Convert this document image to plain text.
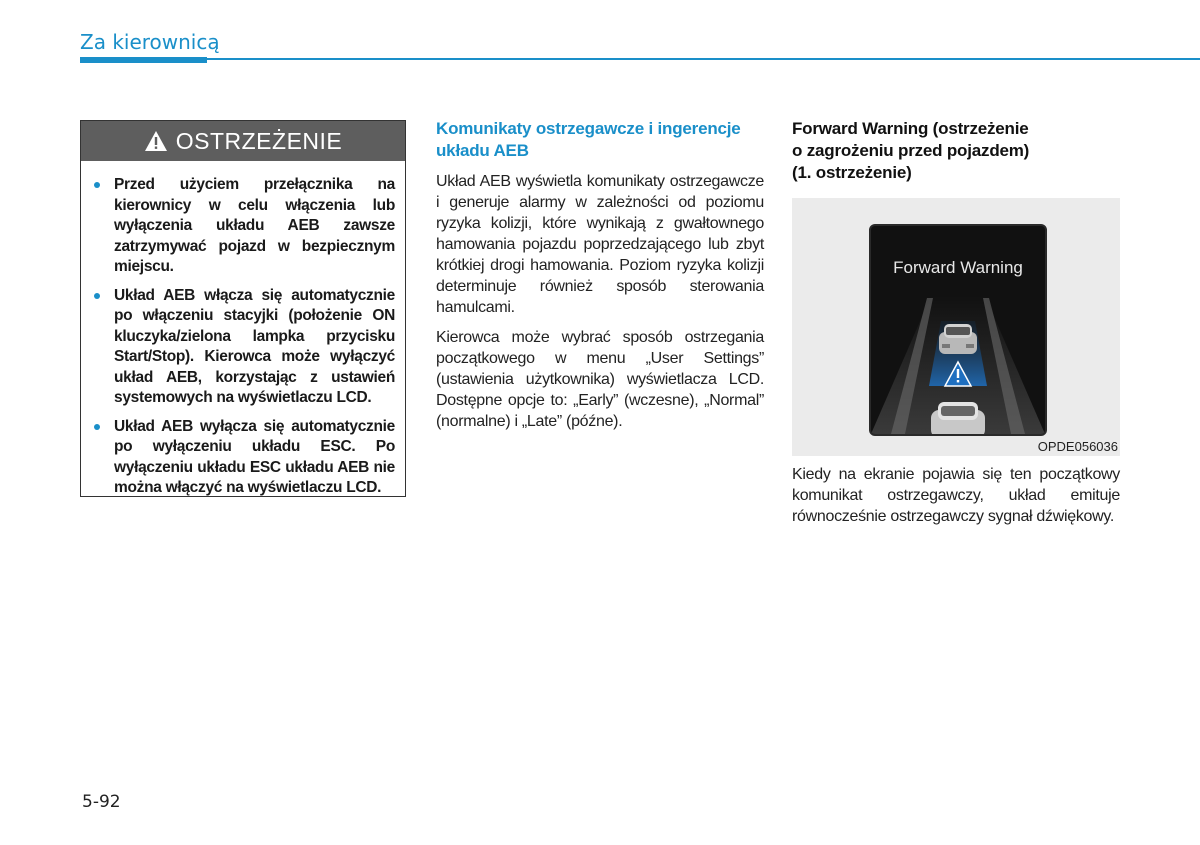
Za kierownicą
OSTRZEŻENIE
Przed użyciem przełącznika na kierownicy w celu włączenia lub wyłączenia układu AEB zawsze zatrzymywać pojazd w bezpiecznym miejscu.
Układ AEB włącza się automatycznie po włączeniu stacyjki (położenie ON kluczyka/zielona lampka przycisku Start/Stop). Kierowca może wyłączyć układ AEB, korzystając z ustawień systemowych na wyświetlaczu LCD.
Układ AEB wyłącza się automatycznie po wyłączeniu układu ESC. Po wyłączeniu układu ESC układu AEB nie można włączyć na wyświetlaczu LCD.
Komunikaty ostrzegawcze i ingerencje układu AEB

Układ AEB wyświetla komunikaty ostrzegawcze i generuje alarmy w zależności od poziomu ryzyka kolizji, które wynikają z gwałtownego hamowania pojazdu poprzedzającego lub zbyt krótkiej drogi hamowania. Poziom ryzyka kolizji determinuje również sposób sterowania hamulcami.

Kierowca może wybrać sposób ostrzegania początkowego w menu „User Settings” (ustawienia użytkownika) wyświetlacza LCD. Dostępne opcje to: „Early” (wczesne), „Normal” (normalne) i „Late” (późne).

Forward Warning (ostrzeżenie
o zagrożeniu przed pojazdem)
(1. ostrzeżenie)
Forward Warning
OPDE056036

Kiedy na ekranie pojawia się ten początkowy komunikat ostrzegawczy, układ emituje równocześnie ostrzegawczy sygnał dźwiękowy.

5-92
